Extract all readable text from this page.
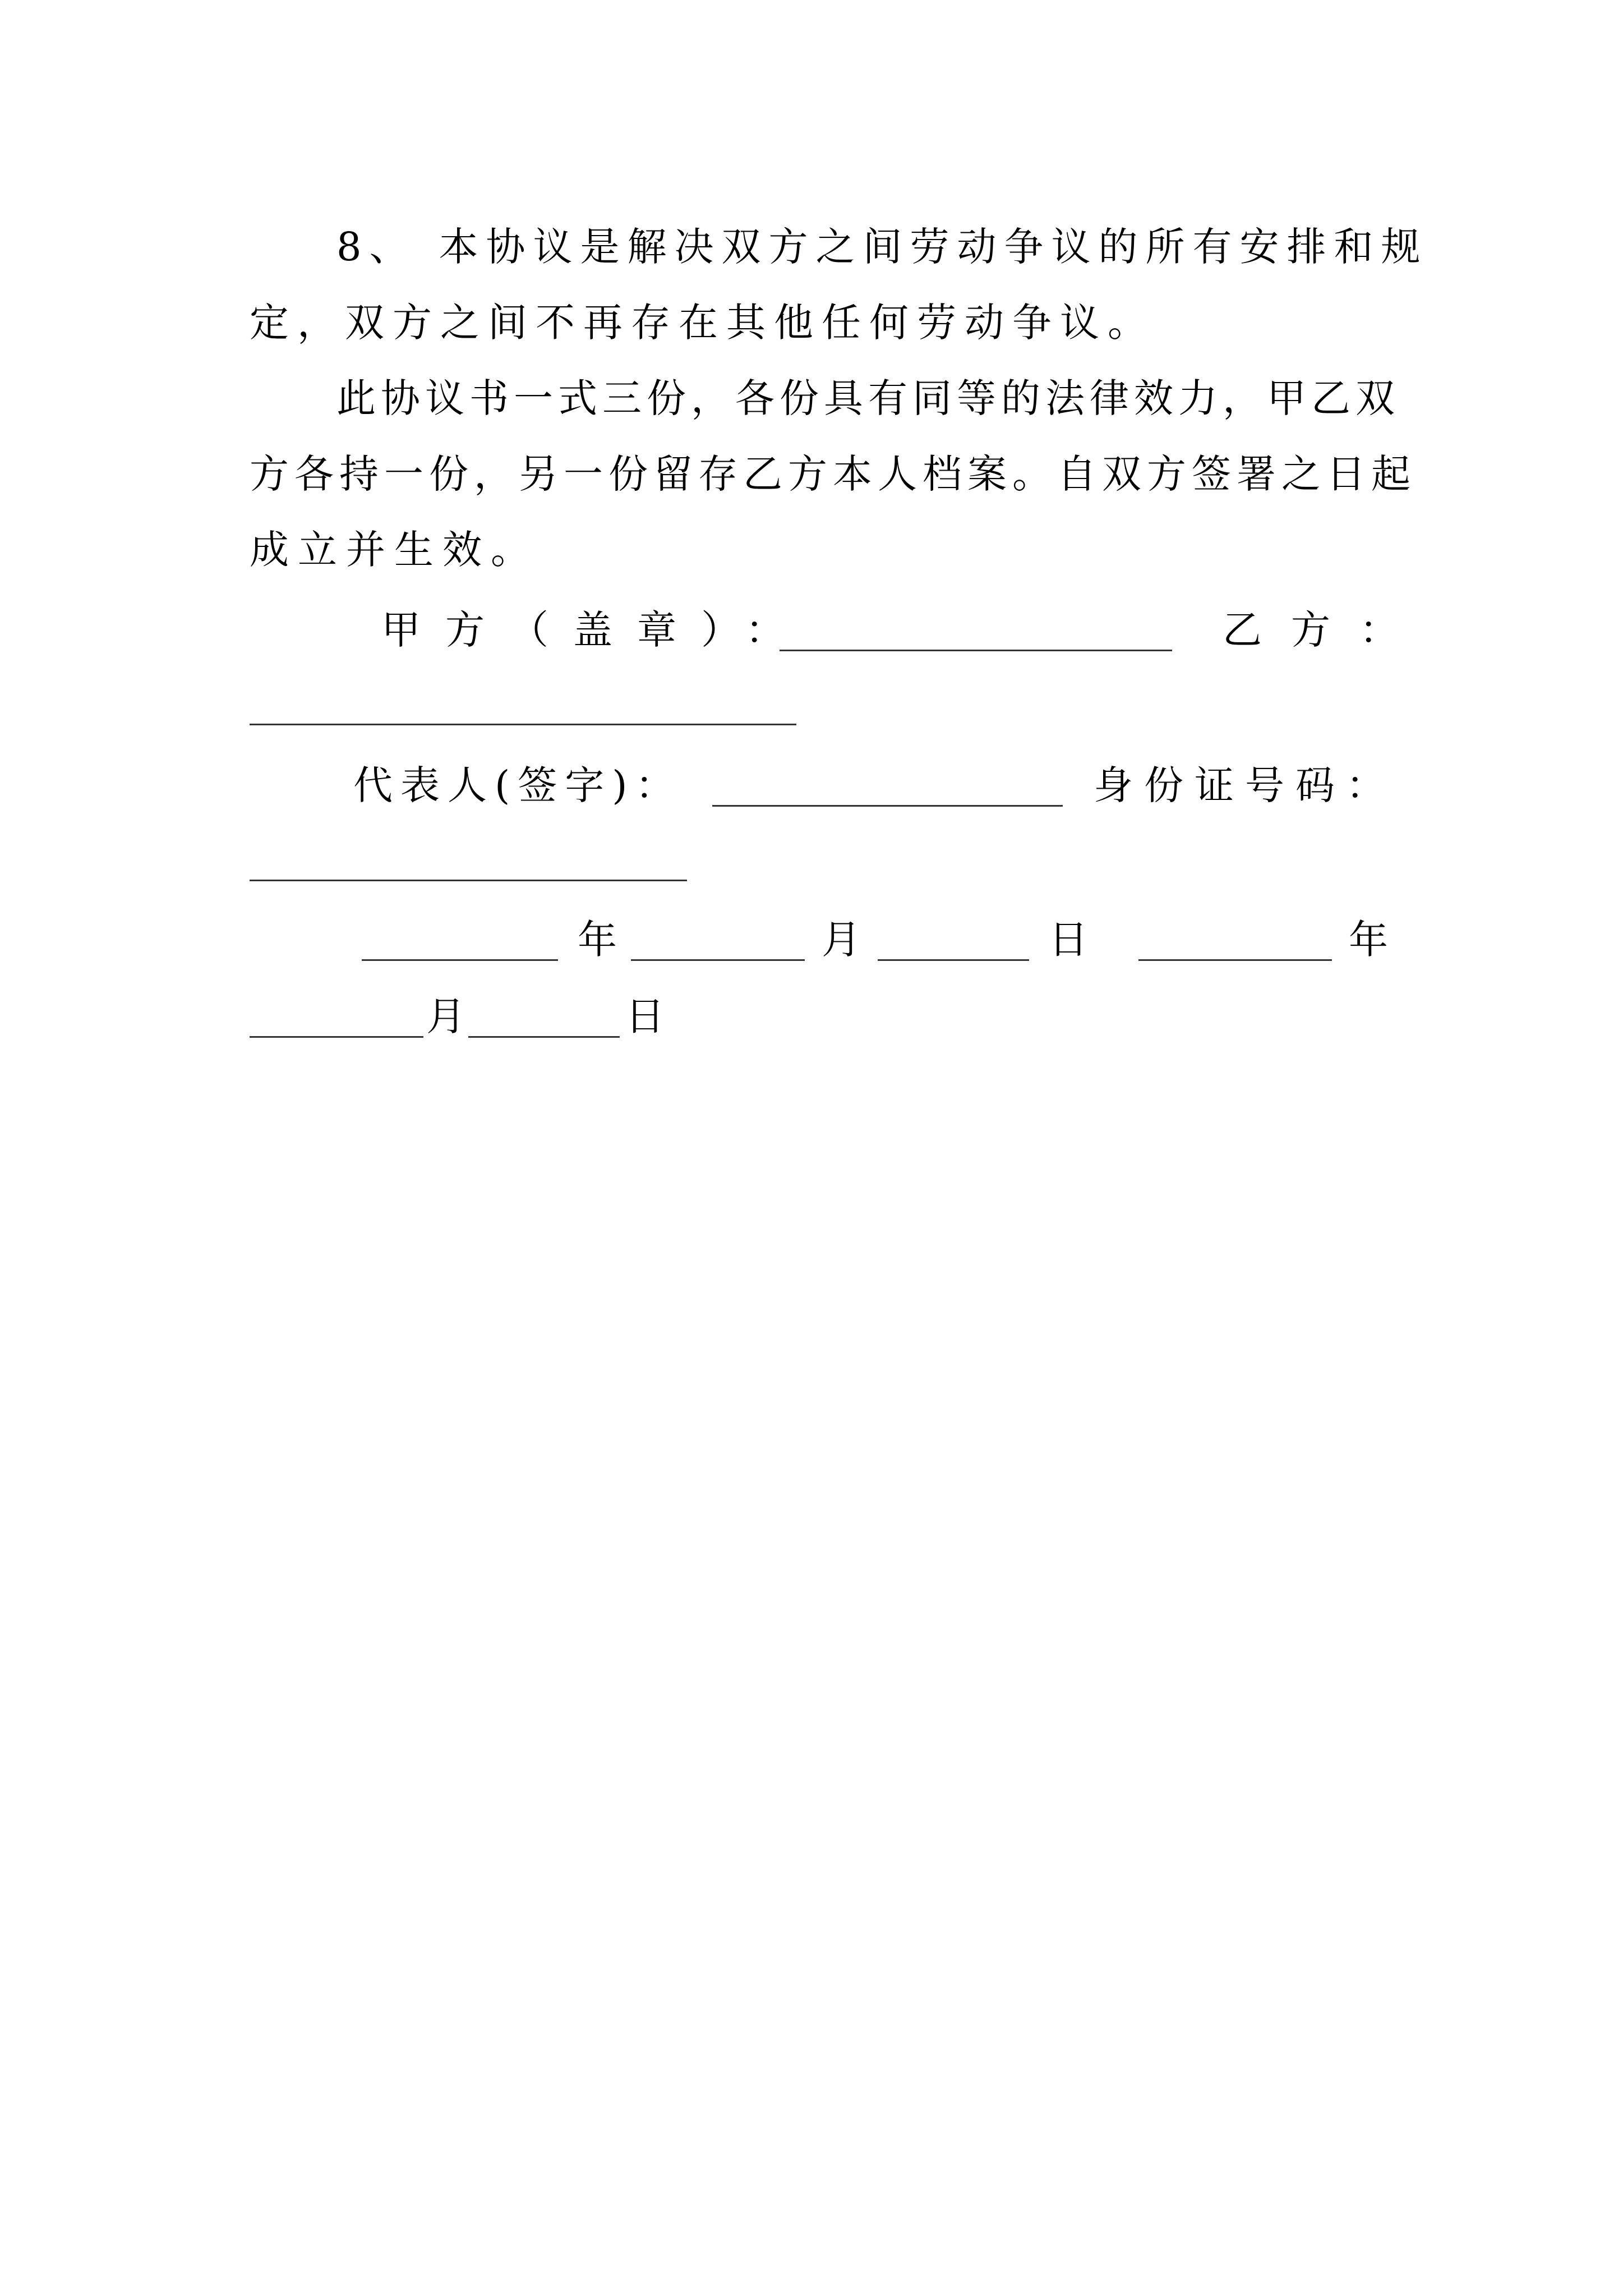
8、 本协议是解决双方之间劳动争议的所有安排和规
定，双方之间不再存在其他任何劳动争议。
此协议书一式三份，各份具有同等的法律效力，甲乙双
方各持一份，另一份留存乙方本人档案。自双方签署之日起
成立并生效。
甲方（盖章）：	乙方：
代表人(签字)：	身份证号码：
年	月	日	年
月	日
